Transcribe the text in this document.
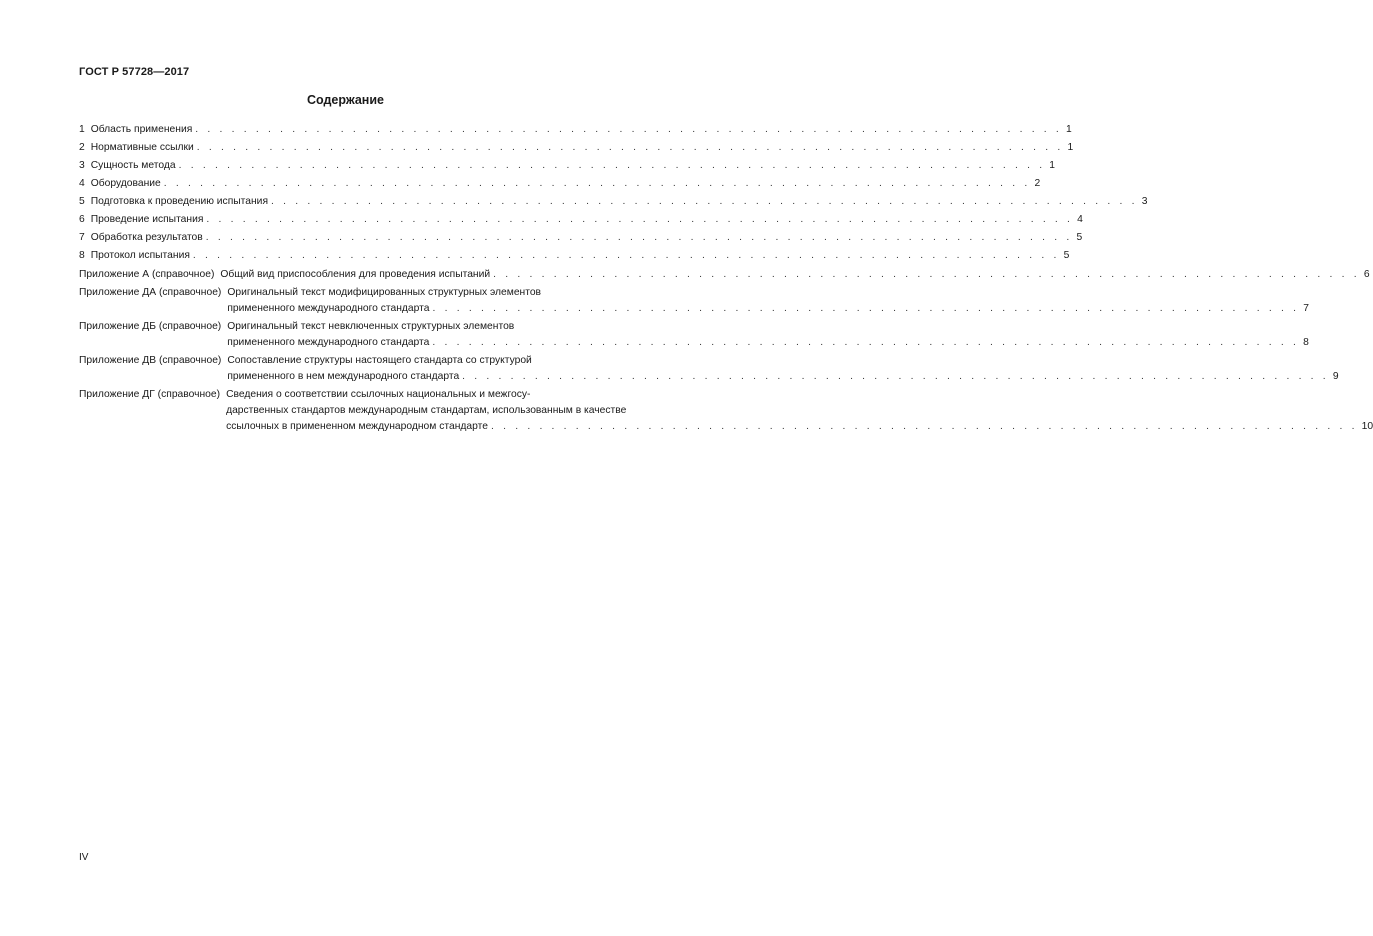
ГОСТ Р 57728—2017
Содержание
1 Область применения . . . . . . . . . . . . . . . . . . . . . . . . . . . . . . . . . . . . . . . . . . . . . . . . . . . . . . . . . . . . . . . . . . . . . . . . 1
2 Нормативные ссылки . . . . . . . . . . . . . . . . . . . . . . . . . . . . . . . . . . . . . . . . . . . . . . . . . . . . . . . . . . . . . . . . . . . . . . . . 1
3 Сущность метода . . . . . . . . . . . . . . . . . . . . . . . . . . . . . . . . . . . . . . . . . . . . . . . . . . . . . . . . . . . . . . . . . . . . . . . . 1
4 Оборудование . . . . . . . . . . . . . . . . . . . . . . . . . . . . . . . . . . . . . . . . . . . . . . . . . . . . . . . . . . . . . . . . . . . . . . . . 2
5 Подготовка к проведению испытания . . . . . . . . . . . . . . . . . . . . . . . . . . . . . . . . . . . . . . . . . . . . . . . . . . . . . . . . . . . . . . . . . . . . . . . . 3
6 Проведение испытания . . . . . . . . . . . . . . . . . . . . . . . . . . . . . . . . . . . . . . . . . . . . . . . . . . . . . . . . . . . . . . . . . . . . . . . . 4
7 Обработка результатов . . . . . . . . . . . . . . . . . . . . . . . . . . . . . . . . . . . . . . . . . . . . . . . . . . . . . . . . . . . . . . . . . . . . . . . . 5
8 Протокол испытания . . . . . . . . . . . . . . . . . . . . . . . . . . . . . . . . . . . . . . . . . . . . . . . . . . . . . . . . . . . . . . . . . . . . . . . . 5
Приложение А (справочное) Общий вид приспособления для проведения испытаний . . . . . . . . . . . . . . . . . . . . . . . . . . . . . . . . . . . . . . . . . . . . . . . . . . . . . . . . . . . . . . . . . . . . . . . . 6
Приложение ДА (справочное) Оригинальный текст модифицированных структурных элементов
примененного международного стандарта . . . . . . . . . . . . . . . . . . . . . . . . . . . . . . . . . . . . . . . . . . . . . . . . . . . . . . . . . . . . . . . . . . . . . . . . 7
Приложение ДБ (справочное) Оригинальный текст невключенных структурных элементов
примененного международного стандарта . . . . . . . . . . . . . . . . . . . . . . . . . . . . . . . . . . . . . . . . . . . . . . . . . . . . . . . . . . . . . . . . . . . . . . . . 8
Приложение ДВ (справочное) Сопоставление структуры настоящего стандарта со структурой
примененного в нем международного стандарта . . . . . . . . . . . . . . . . . . . . . . . . . . . . . . . . . . . . . . . . . . . . . . . . . . . . . . . . . . . . . . . . . . . . . . . . 9
Приложение ДГ (справочное) Сведения о соответствии ссылочных национальных и межгосу-
дарственных стандартов международным стандартам, использованным в качестве
ссылочных в примененном международном стандарте . . . . . . . . . . . . . . . . . . . . . . . . . . . . . . . . . . . . . . . . . . . . . . . . . . . . . . . . . . . . . . . . . . . . . . . . 10
IV
